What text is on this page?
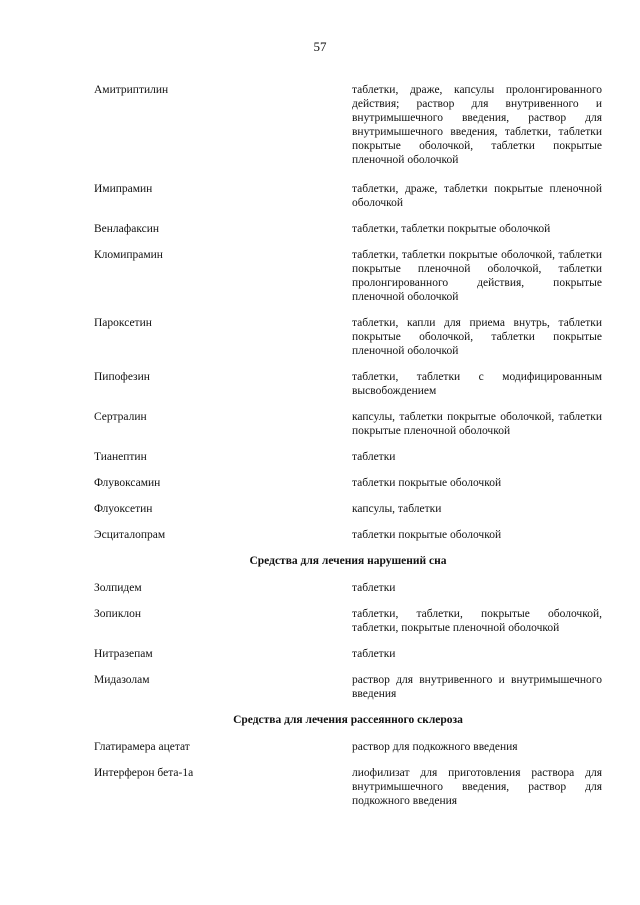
57
Амитриптилин	таблетки, драже, капсулы пролонгированного действия; раствор для внутривенного и внутримышечного введения, раствор для внутримышечного введения, таблетки, таблетки покрытые оболочкой, таблетки покрытые пленочной оболочкой
Имипрамин	таблетки, драже, таблетки покрытые пленочной оболочкой
Венлафаксин	таблетки, таблетки покрытые оболочкой
Кломипрамин	таблетки, таблетки покрытые оболочкой, таблетки покрытые пленочной оболочкой, таблетки пролонгированного действия, покрытые пленочной оболочкой
Пароксетин	таблетки, капли для приема внутрь, таблетки покрытые оболочкой, таблетки покрытые пленочной оболочкой
Пипофезин	таблетки, таблетки с модифицированным высвобождением
Сертралин	капсулы, таблетки покрытые оболочкой, таблетки покрытые пленочной оболочкой
Тианептин	таблетки
Флувоксамин	таблетки покрытые оболочкой
Флуоксетин	капсулы, таблетки
Эсциталопрам	таблетки покрытые оболочкой
Средства для лечения нарушений сна
Золпидем	таблетки
Зопиклон	таблетки, таблетки, покрытые оболочкой, таблетки, покрытые пленочной оболочкой
Нитразепам	таблетки
Мидазолам	раствор для внутривенного и внутримышечного введения
Средства для лечения рассеянного склероза
Глатирамера ацетат	раствор для подкожного введения
Интерферон бета-1а	лиофилизат для приготовления раствора для внутримышечного введения, раствор для подкожного введения
